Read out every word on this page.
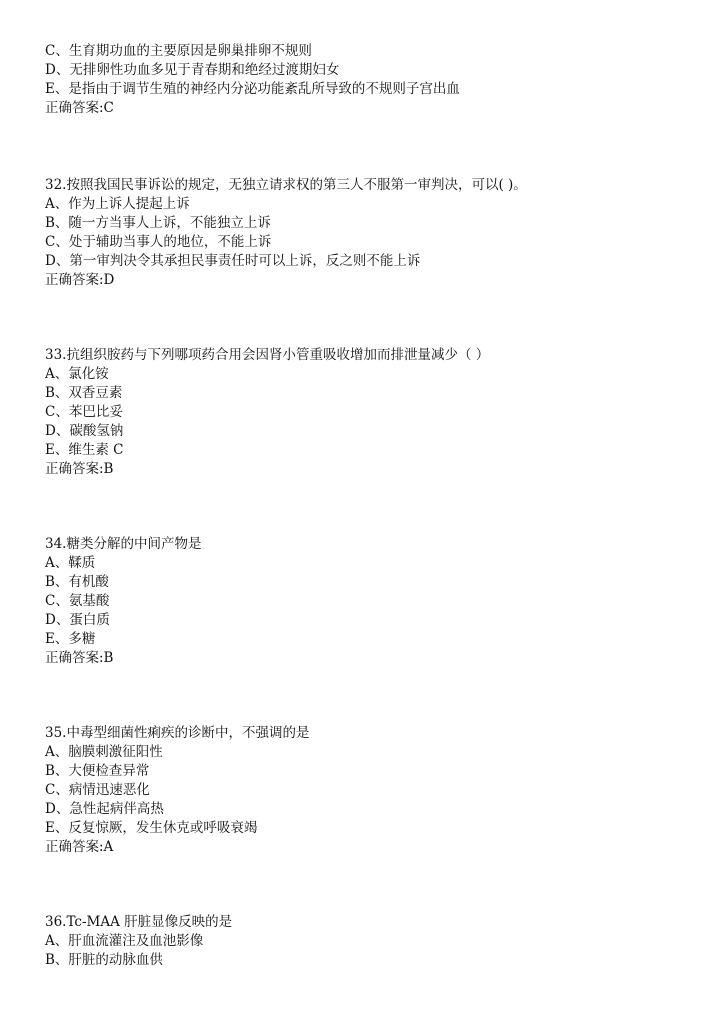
C、生育期功血的主要原因是卵巢排卵不规则
D、无排卵性功血多见于青春期和绝经过渡期妇女
E、是指由于调节生殖的神经内分泌功能紊乱所导致的不规则子宫出血
正确答案:C
32.按照我国民事诉讼的规定，无独立请求权的第三人不服第一审判决，可以( )。
A、作为上诉人提起上诉
B、随一方当事人上诉，不能独立上诉
C、处于辅助当事人的地位，不能上诉
D、第一审判决令其承担民事责任时可以上诉，反之则不能上诉
正确答案:D
33.抗组织胺药与下列哪项药合用会因肾小管重吸收增加而排泄量减少（ ）
A、氯化铵
B、双香豆素
C、苯巴比妥
D、碳酸氢钠
E、维生素 C
正确答案:B
34.糖类分解的中间产物是
A、鞣质
B、有机酸
C、氨基酸
D、蛋白质
E、多糖
正确答案:B
35.中毒型细菌性痢疾的诊断中，不强调的是
A、脑膜刺激征阳性
B、大便检查异常
C、病情迅速恶化
D、急性起病伴高热
E、反复惊厥，发生休克或呼吸衰竭
正确答案:A
36.Tc-MAA 肝脏显像反映的是
A、肝血流灌注及血池影像
B、肝脏的动脉血供
